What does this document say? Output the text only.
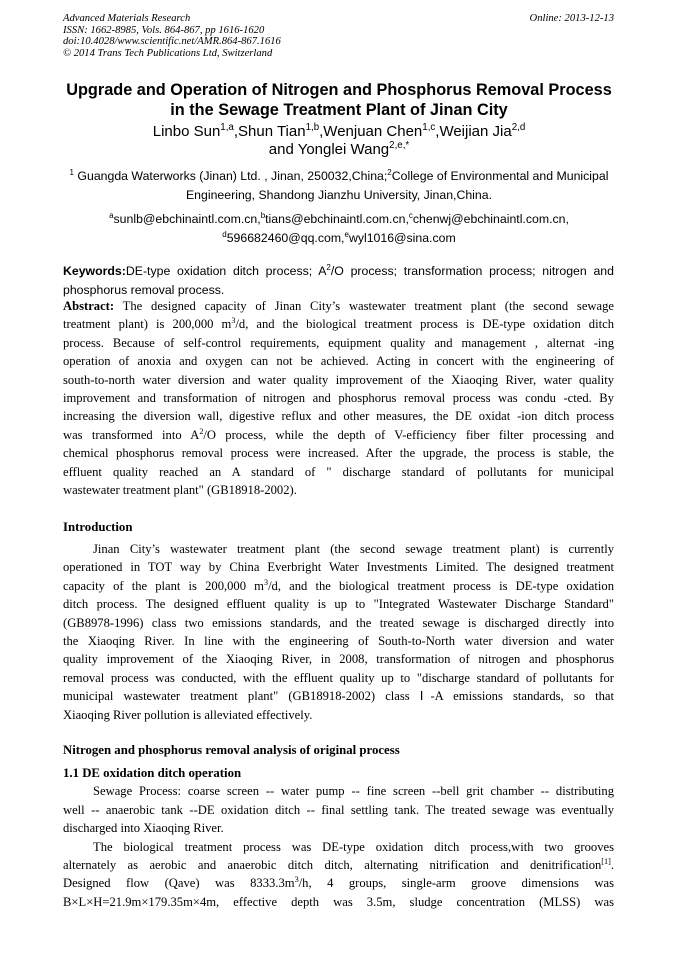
Advanced Materials Research
ISSN: 1662-8985, Vols. 864-867, pp 1616-1620
doi:10.4028/www.scientific.net/AMR.864-867.1616
© 2014 Trans Tech Publications Ltd, Switzerland
Online: 2013-12-13
Upgrade and Operation of Nitrogen and Phosphorus Removal Process
in the Sewage Treatment Plant of Jinan City
Linbo Sun$^{1,a}$,Shun Tian$^{1,b}$,Wenjuan Chen$^{1,c}$,Weijian Jia$^{2,d}$
and Yonglei Wang$^{2,e,*}$
$^1$ Guangda Waterworks (Jinan) Ltd. , Jinan, 250032,China;$^2$College of Environmental and Municipal
Engineering, Shandong Jianzhu University, Jinan,China.
$^a$sunlb@ebchinaintl.com.cn,$^b$tians@ebchinaintl.com.cn,$^c$chenwj@ebchinaintl.com.cn,
$^d$596682460@qq.com,$^e$wyl1016@sina.com
Keywords:DE-type oxidation ditch process; $A^2/O$ process; transformation process; nitrogen and
phosphorus removal process.
Abstract: The designed capacity of Jinan City’s wastewater treatment plant (the second sewage
treatment plant) is 200,000 $m^3/d$, and the biological treatment process is DE-type oxidation ditch
process. Because of self-control requirements, equipment quality and management , alternat -ing
operation of anoxia and oxygen can not be achieved. Acting in concert with the engineering of
south-to-north water diversion and water quality improvement of the Xiaoqing River, water quality
improvement and transformation of nitrogen and phosphorus removal process was condu -cted. By
increasing the diversion wall, digestive reflux and other measures, the DE oxidat -ion ditch process
was transformed into $A^2/O$ process, while the depth of V-efficiency fiber filter processing and
chemical phosphorus removal process were increased. After the upgrade, the process is stable, the
effluent quality reached an A standard of " discharge standard of pollutants for municipal
wastewater treatment plant" (GB18918-2002).
Introduction
Jinan City’s wastewater treatment plant (the second sewage treatment plant) is currently
operationed in TOT way by China Everbright Water Investments Limited. The designed treatment
capacity of the plant is 200,000 $m^3/d$, and the biological treatment process is DE-type oxidation
ditch process. The designed effluent quality is up to "Integrated Wastewater Discharge Standard"
(GB8978-1996) class two emissions standards, and the treated sewage is discharged directly into
the Xiaoqing River. In line with the engineering of South-to-North water diversion and water
quality improvement of the Xiaoqing River, in 2008, transformation of nitrogen and phosphorus
removal process was conducted, with the effluent quality up to "discharge standard of pollutants for
municipal wastewater treatment plant" (GB18918-2002) class Ⅰ-A emissions standards, so that
Xiaoqing River pollution is alleviated effectively.
Nitrogen and phosphorus removal analysis of original process
1.1 DE oxidation ditch operation
Sewage Process: coarse screen -- water pump -- fine screen --bell grit chamber -- distributing
well -- anaerobic tank --DE oxidation ditch -- final settling tank. The treated sewage was eventually
discharged into Xiaoqing River.
The biological treatment process was DE-type oxidation ditch process,with two grooves
alternately as aerobic and anaerobic ditch ditch, alternating nitrification and denitrification[1].
Designed flow (Qave) was $8333.3m^3/h$, 4 groups, single-arm groove dimensions was
B×L×H=21.9m×179.35m×4m, effective depth was 3.5m, sludge concentration (MLSS) was
